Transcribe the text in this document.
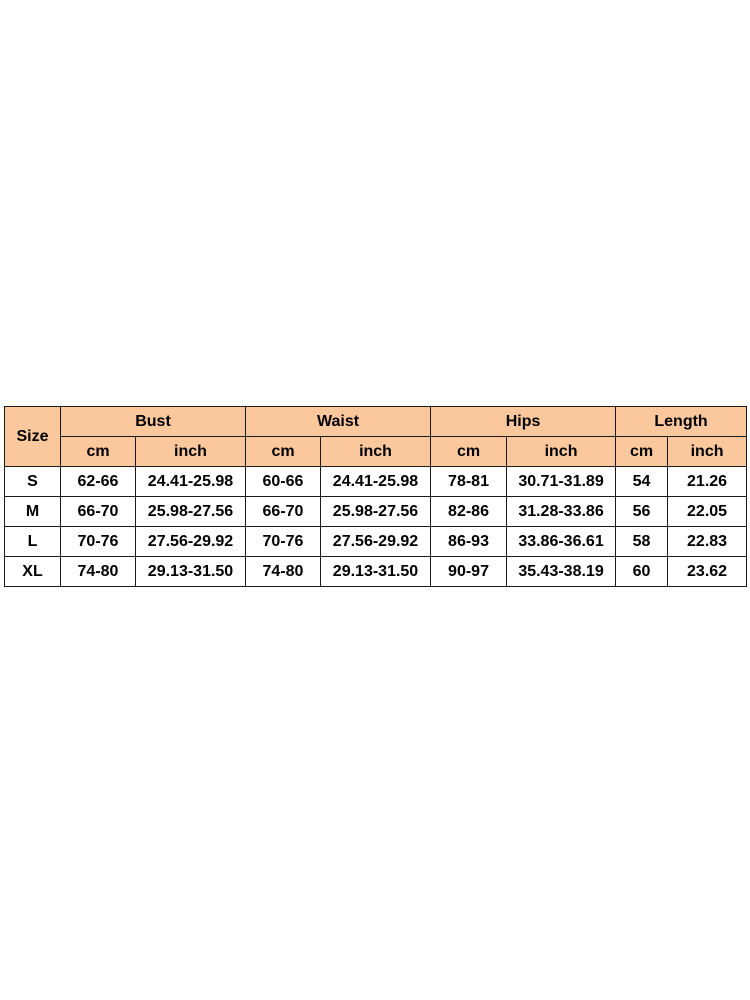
Size	Bust		Waist		Hips		Length	
	cm	inch	cm	inch	cm	inch	cm	inch
S	62-66	24.41-25.98	60-66	24.41-25.98	78-81	30.71-31.89	54	21.26
M	66-70	25.98-27.56	66-70	25.98-27.56	82-86	31.28-33.86	56	22.05
L	70-76	27.56-29.92	70-76	27.56-29.92	86-93	33.86-36.61	58	22.83
XL	74-80	29.13-31.50	74-80	29.13-31.50	90-97	35.43-38.19	60	23.62
